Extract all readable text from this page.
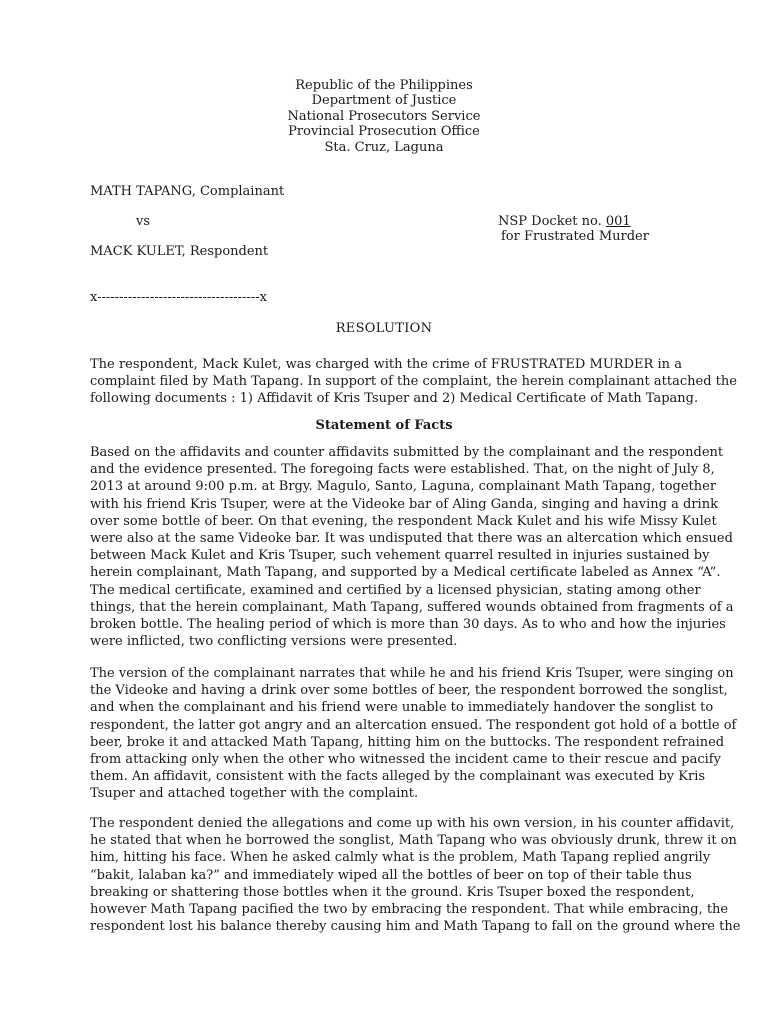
Republic of the Philippines
Department of Justice
National Prosecutors Service
Provincial Prosecution Office
Sta. Cruz, Laguna
MATH TAPANG, Complainant
vs	NSP Docket no. 001
for Frustrated Murder
MACK KULET, Respondent
x-------------------------------------x
RESOLUTION
The respondent, Mack Kulet, was charged with the crime of FRUSTRATED MURDER in a
complaint filed by Math Tapang. In support of the complaint, the herein complainant attached the
following documents : 1) Affidavit of Kris Tsuper and 2) Medical Certificate of Math Tapang.
Statement of Facts
Based on the affidavits and counter affidavits submitted by the complainant and the respondent
and the evidence presented. The foregoing facts were established. That, on the night of July 8,
2013 at around 9:00 p.m. at Brgy. Magulo, Santo, Laguna, complainant Math Tapang, together
with his friend Kris Tsuper, were at the Videoke bar of Aling Ganda, singing and having a drink
over some bottle of beer. On that evening, the respondent Mack Kulet and his wife Missy Kulet
were also at the same Videoke bar. It was undisputed that there was an altercation which ensued
between Mack Kulet and Kris Tsuper, such vehement quarrel resulted in injuries sustained by
herein complainant, Math Tapang, and supported by a Medical certificate labeled as Annex “A”.
The medical certificate, examined and certified by a licensed physician, stating among other
things, that the herein complainant, Math Tapang, suffered wounds obtained from fragments of a
broken bottle. The healing period of which is more than 30 days. As to who and how the injuries
were inflicted, two conflicting versions were presented.
The version of the complainant narrates that while he and his friend Kris Tsuper, were singing on
the Videoke and having a drink over some bottles of beer, the respondent borrowed the songlist,
and when the complainant and his friend were unable to immediately handover the songlist to
respondent, the latter got angry and an altercation ensued. The respondent got hold of a bottle of
beer, broke it and attacked Math Tapang, hitting him on the buttocks. The respondent refrained
from attacking only when the other who witnessed the incident came to their rescue and pacify
them. An affidavit, consistent with the facts alleged by the complainant was executed by Kris
Tsuper and attached together with the complaint.
The respondent denied the allegations and come up with his own version, in his counter affidavit,
he stated that when he borrowed the songlist, Math Tapang who was obviously drunk, threw it on
him, hitting his face. When he asked calmly what is the problem, Math Tapang replied angrily
“bakit, lalaban ka?” and immediately wiped all the bottles of beer on top of their table thus
breaking or shattering those bottles when it the ground. Kris Tsuper boxed the respondent,
however Math Tapang pacified the two by embracing the respondent. That while embracing, the
respondent lost his balance thereby causing him and Math Tapang to fall on the ground where the
